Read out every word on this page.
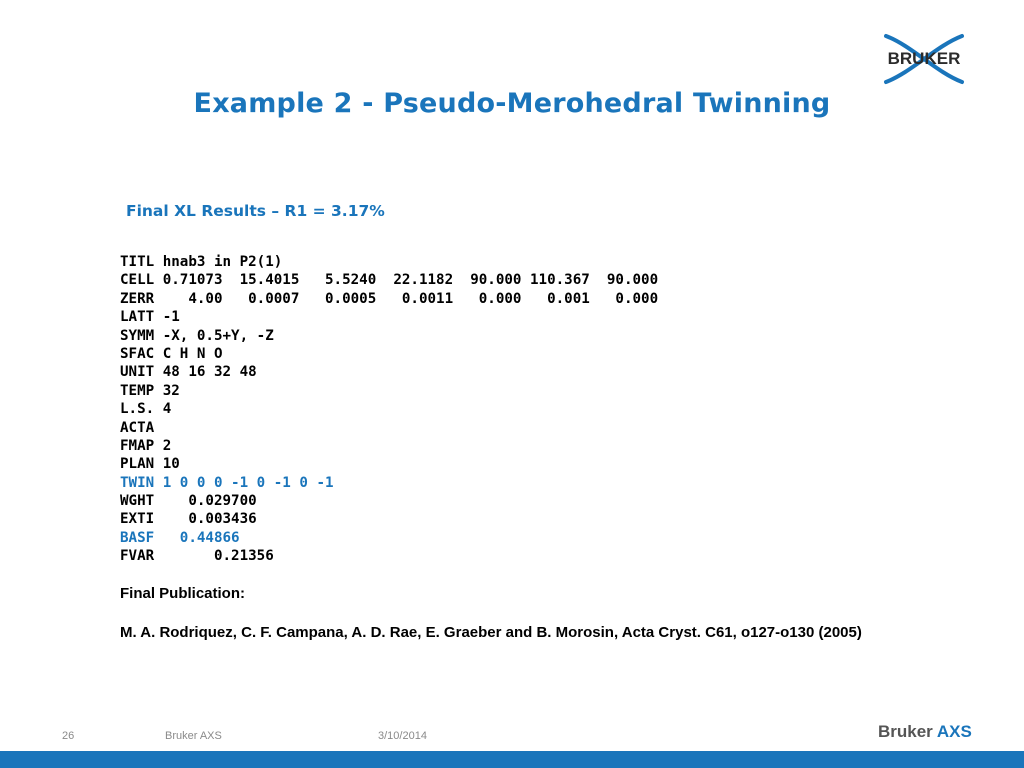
BRUKER
Example 2 - Pseudo-Merohedral Twinning
Final XL Results – R1 = 3.17%
TITL hnab3 in P2(1)
CELL 0.71073  15.4015   5.5240  22.1182  90.000 110.367  90.000
ZERR    4.00   0.0007   0.0005   0.0011   0.000   0.001   0.000
LATT -1
SYMM -X, 0.5+Y, -Z
SFAC C H N O
UNIT 48 16 32 48
TEMP 32
L.S. 4
ACTA
FMAP 2
PLAN 10
TWIN 1 0 0 0 -1 0 -1 0 -1
WGHT    0.029700
EXTI    0.003436
BASF   0.44866
FVAR       0.21356
Final Publication:
M. A. Rodriquez, C. F. Campana, A. D. Rae, E. Graeber and B. Morosin, Acta Cryst. C61, o127-o130 (2005)
26	Bruker AXS	3/10/2014	Bruker AXS
